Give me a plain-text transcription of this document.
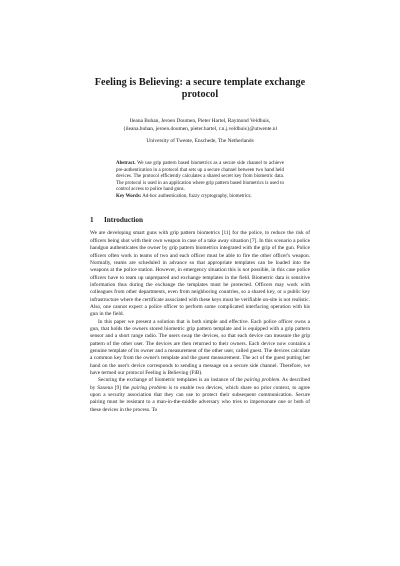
Feeling is Believing: a secure template exchange protocol
Ileana Buhan, Jeroen Doumen, Pieter Hartel, Raymond Veldhuis,
{ileana.buhan, jeroen.doumen, pieter.hartel, r.n.j.veldhuis}@utwente.nl
University of Twente, Enschede, The Netherlands
Abstract. We use grip pattern based biometrics as a secure side channel to achieve pre-authentication in a protocol that sets up a secure channel between two hand held devices. The protocol efficiently calculates a shared secret key from biometric data. The protocol is used in an application where grip pattern based biometrics is used to control access to police hand guns.
Key Words: Ad-hoc authentication, fuzzy cryptography, biometrics;
1 Introduction

We are developing smart guns with grip pattern biometrics [11] for the police, to reduce the risk of officers being shot with their own weapon in case of a take away situation [7]. In this scenario a police handgun authenticates the owner by grip pattern biometrics integrated with the grip of the gun. Police officers often work in teams of two and each officer must be able to fire the other officer's weapon. Normally, teams are scheduled in advance so that appropriate templates can be loaded into the weapons at the police station. However, in emergency situation this is not possible, in this case police officers have to team up unprepared and exchange templates in the field. Biometric data is sensitive information thus during the exchange the templates must be protected. Officers may work with colleagues from other departments, even from neighboring countries, so a shared key, or a public key infrastructure where the certificate associated with these keys must be verifiable on-site is not realistic. Also, one cannot expect a police officer to perform some complicated interfacing operation with his gun in the field.

In this paper we present a solution that is both simple and effective. Each police officer owns a gun, that holds the owners stored biometric grip pattern template and is equipped with a grip pattern sensor and a short range radio. The users swap the devices, so that each device can measure the grip pattern of the other user. The devices are then returned to their owners. Each device now contains a genuine template of its owner and a measurement of the other user, called guest. The devices calculate a common key from the owner's template and the guest measurement. The act of the guest putting her hand on the user's device corresponds to sending a message on a secure side channel. Therefore, we have termed our protocol Feeling is Believing (FiB).

Securing the exchange of biometric templates is an instance of the pairing problem. As described by Saxena [9] the pairing problem is to enable two devices, which share no prior context, to agree upon a security association that they can use to protect their subsequent communication. Secure pairing must be resistant to a man-in-the-middle adversary who tries to impersonate one or both of these devices in the process. To
